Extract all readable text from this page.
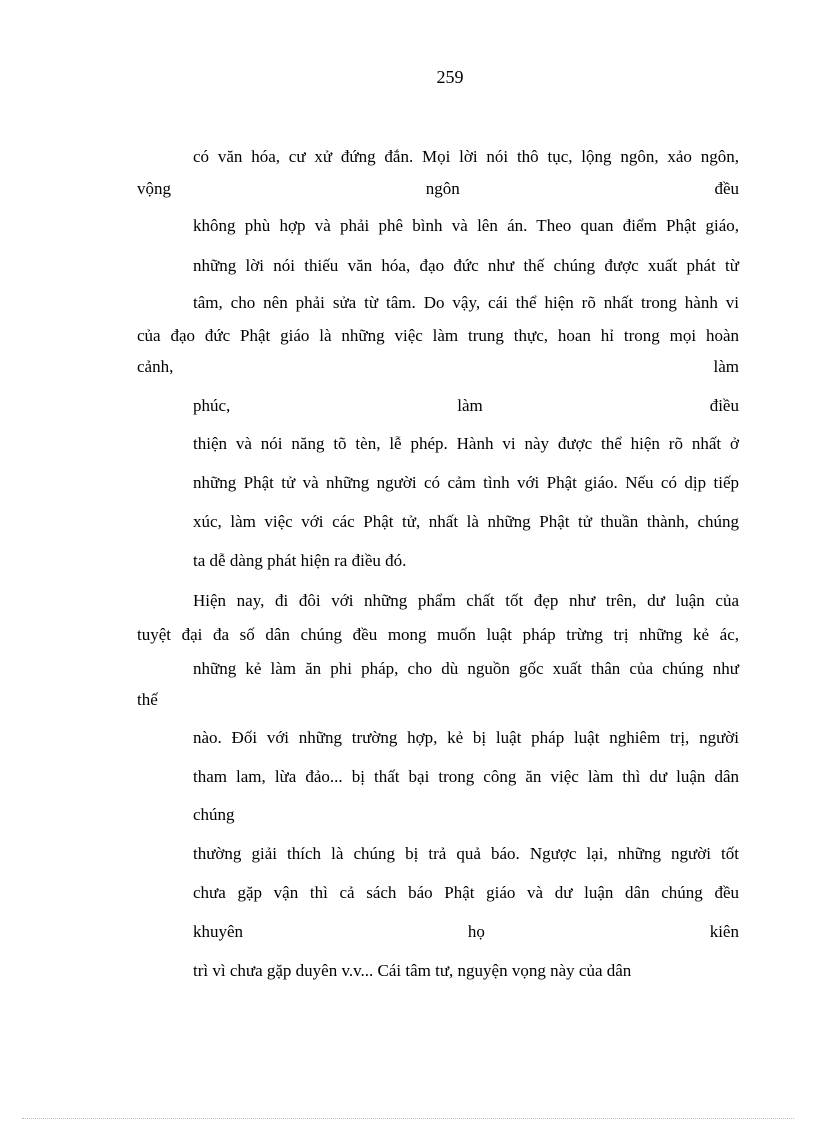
259
có văn hóa, cư xử đứng đắn. Mọi lời nói thô tục, lộng ngôn, xảo ngôn,
vộng	ngôn	đều
không phù hợp và phải phê bình và lên án. Theo quan điểm Phật giáo,
những lời nói thiếu văn hóa, đạo đức như thế chúng được xuất phát từ
tâm, cho nên phải sửa từ tâm. Do vậy, cái thể hiện rõ nhất trong hành vi
của đạo đức Phật giáo là những việc làm trung thực, hoan hỉ trong mọi hoàn
cảnh,	làm
phúc,	làm	điều
thiện và nói năng tõ tèn, lễ phép. Hành vi này được thể hiện rõ nhất ở
những Phật tử và những người có cảm tình với Phật giáo. Nếu có dịp tiếp
xúc, làm việc với các Phật tử, nhất là những Phật tử thuần thành, chúng
ta dễ dàng phát hiện ra điều đó.
Hiện nay, đi đôi với những phẩm chất tốt đẹp như trên, dư luận của
tuyệt đại đa số dân chúng đều mong muốn luật pháp trừng trị những kẻ ác,
những kẻ làm ăn phi pháp, cho dù nguồn gốc xuất thân của chúng như
thế
nào. Đối với những trường hợp, kẻ bị luật pháp luật nghiêm trị, người
tham lam, lừa đảo... bị thất bại trong công ăn việc làm thì dư luận dân
chúng
thường giải thích là chúng bị trả quả báo. Ngược lại, những người tốt
chưa gặp vận thì cả sách báo Phật giáo và dư luận dân chúng đều
khuyên	họ	kiên
trì vì chưa gặp duyên v.v... Cái tâm tư, nguyện vọng này của dân
